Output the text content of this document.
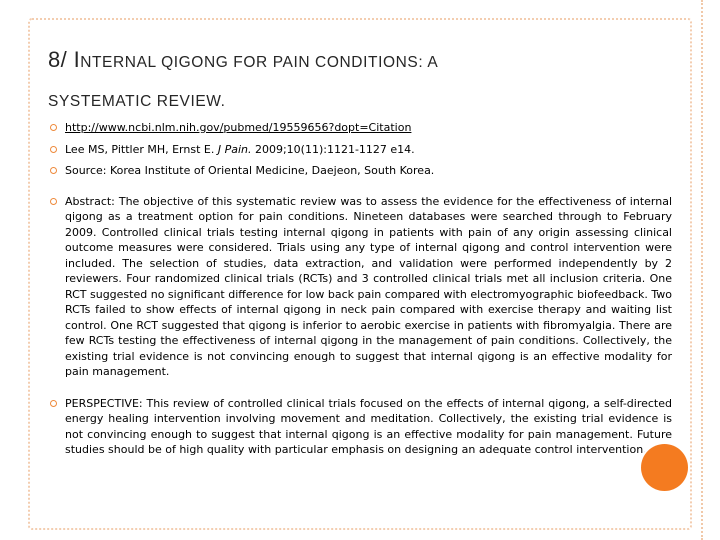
8/ INTERNAL QIGONG FOR PAIN CONDITIONS: A
SYSTEMATIC REVIEW.
http://www.ncbi.nlm.nih.gov/pubmed/19559656?dopt=Citation
Lee MS, Pittler MH, Ernst E. J Pain. 2009;10(11):1121-1127 e14.
Source: Korea Institute of Oriental Medicine, Daejeon, South Korea.
Abstract: The objective of this systematic review was to assess the evidence for the effectiveness of internal qigong as a treatment option for pain conditions. Nineteen databases were searched through to February 2009. Controlled clinical trials testing internal qigong in patients with pain of any origin assessing clinical outcome measures were considered. Trials using any type of internal qigong and control intervention were included. The selection of studies, data extraction, and validation were performed independently by 2 reviewers. Four randomized clinical trials (RCTs) and 3 controlled clinical trials met all inclusion criteria. One RCT suggested no significant difference for low back pain compared with electromyographic biofeedback. Two RCTs failed to show effects of internal qigong in neck pain compared with exercise therapy and waiting list control. One RCT suggested that qigong is inferior to aerobic exercise in patients with fibromyalgia. There are few RCTs testing the effectiveness of internal qigong in the management of pain conditions. Collectively, the existing trial evidence is not convincing enough to suggest that internal qigong is an effective modality for pain management.
PERSPECTIVE: This review of controlled clinical trials focused on the effects of internal qigong, a self-directed energy healing intervention involving movement and meditation. Collectively, the existing trial evidence is not convincing enough to suggest that internal qigong is an effective modality for pain management. Future studies should be of high quality with particular emphasis on designing an adequate control intervention.
